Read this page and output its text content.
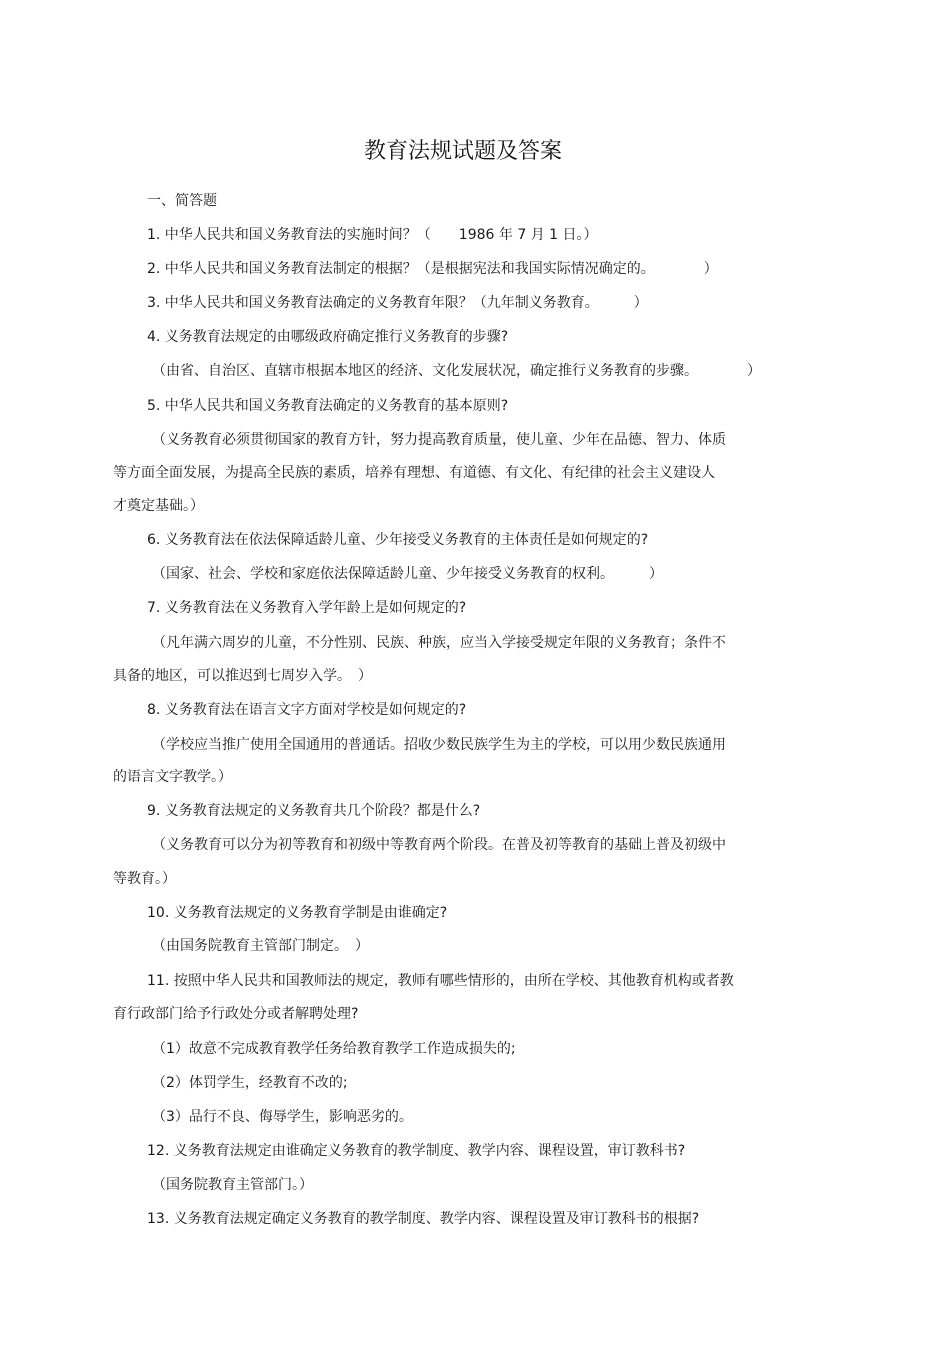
教育法规试题及答案
一、简答题
1. 中华人民共和国义务教育法的实施时间？（　　1986 年 7 月 1 日。）
2. 中华人民共和国义务教育法制定的根据？（是根据宪法和我国实际情况确定的。　　　　）
3. 中华人民共和国义务教育法确定的义务教育年限？（九年制义务教育。　　　）
4. 义务教育法规定的由哪级政府确定推行义务教育的步骤?
（由省、自治区、直辖市根据本地区的经济、文化发展状况，确定推行义务教育的步骤。　　　　）
5. 中华人民共和国义务教育法确定的义务教育的基本原则?
（义务教育必须贯彻国家的教育方针，努力提高教育质量，使儿童、少年在品德、智力、体质
等方面全面发展，为提高全民族的素质，培养有理想、有道德、有文化、有纪律的社会主义建设人
才奠定基础。）
6. 义务教育法在依法保障适龄儿童、少年接受义务教育的主体责任是如何规定的?
（国家、社会、学校和家庭依法保障适龄儿童、少年接受义务教育的权利。　　　）
7. 义务教育法在义务教育入学年龄上是如何规定的?
（凡年满六周岁的儿童，不分性别、民族、种族，应当入学接受规定年限的义务教育；条件不
具备的地区，可以推迟到七周岁入学。　）
8. 义务教育法在语言文字方面对学校是如何规定的?
（学校应当推广使用全国通用的普通话。招收少数民族学生为主的学校，可以用少数民族通用
的语言文字教学。）
9. 义务教育法规定的义务教育共几个阶段？都是什么?
（义务教育可以分为初等教育和初级中等教育两个阶段。在普及初等教育的基础上普及初级中
等教育。）
10. 义务教育法规定的义务教育学制是由谁确定?
（由国务院教育主管部门制定。　）
11. 按照中华人民共和国教师法的规定，教师有哪些情形的，由所在学校、其他教育机构或者教
育行政部门给予行政处分或者解聘处理?
（1）故意不完成教育教学任务给教育教学工作造成损失的;
（2）体罚学生，经教育不改的;
（3）品行不良、侮辱学生，影响恶劣的。
12. 义务教育法规定由谁确定义务教育的教学制度、教学内容、课程设置，审订教科书?
（国务院教育主管部门。）
13. 义务教育法规定确定义务教育的教学制度、教学内容、课程设置及审订教科书的根据?
